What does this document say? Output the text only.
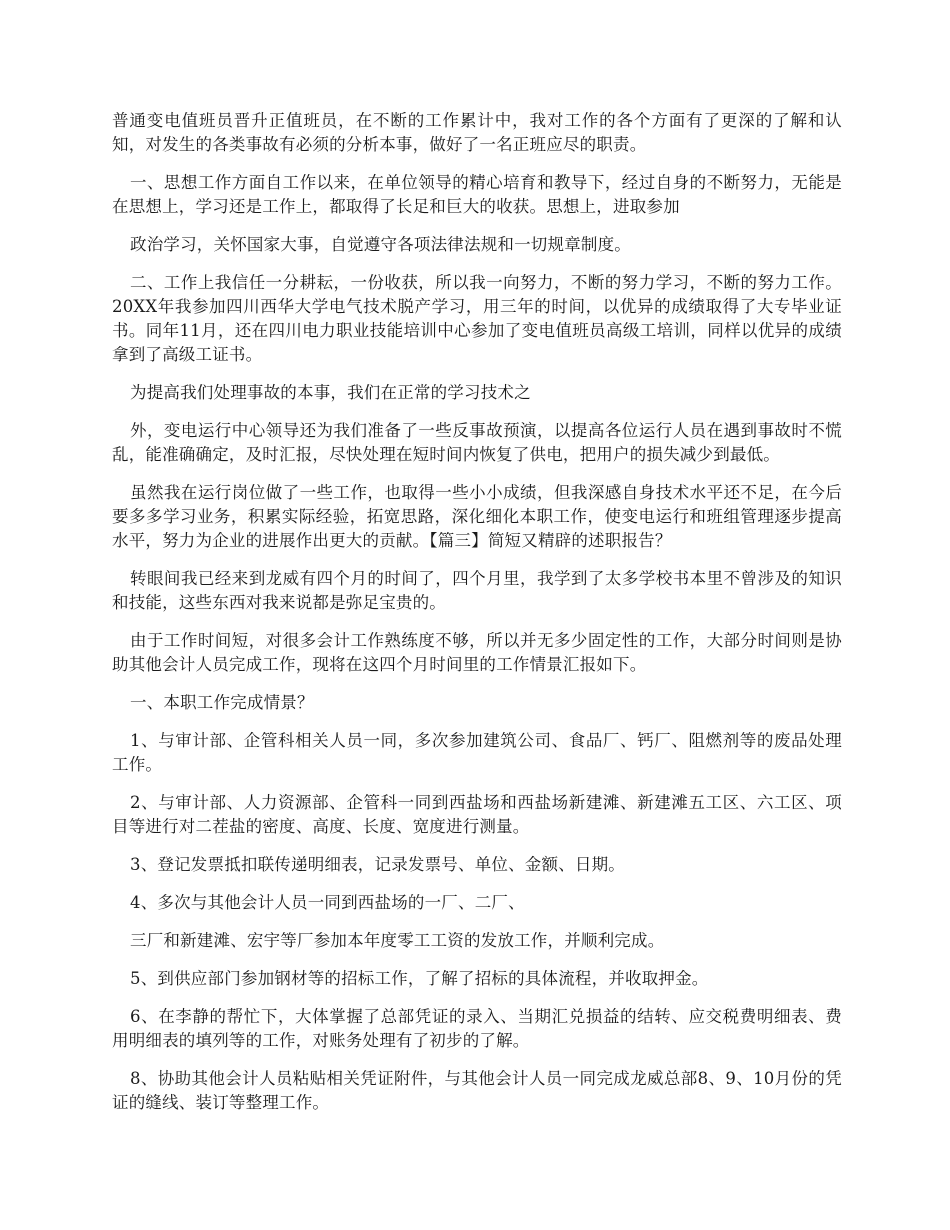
普通变电值班员晋升正值班员，在不断的工作累计中，我对工作的各个方面有了更深的了解和认知，对发生的各类事故有必须的分析本事，做好了一名正班应尽的职责。

一、思想工作方面自工作以来，在单位领导的精心培育和教导下，经过自身的不断努力，无能是在思想上，学习还是工作上，都取得了长足和巨大的收获。思想上，进取参加

政治学习，关怀国家大事，自觉遵守各项法律法规和一切规章制度。

二、工作上我信任一分耕耘，一份收获，所以我一向努力，不断的努力学习，不断的努力工作。20XX年我参加四川西华大学电气技术脱产学习，用三年的时间，以优异的成绩取得了大专毕业证书。同年11月，还在四川电力职业技能培训中心参加了变电值班员高级工培训，同样以优异的成绩拿到了高级工证书。

为提高我们处理事故的本事，我们在正常的学习技术之

外，变电运行中心领导还为我们准备了一些反事故预演，以提高各位运行人员在遇到事故时不慌乱，能准确确定，及时汇报，尽快处理在短时间内恢复了供电，把用户的损失减少到最低。

虽然我在运行岗位做了一些工作，也取得一些小小成绩，但我深感自身技术水平还不足，在今后要多多学习业务，积累实际经验，拓宽思路，深化细化本职工作，使变电运行和班组管理逐步提高水平，努力为企业的进展作出更大的贡献。【篇三】简短又精辟的述职报告？

转眼间我已经来到龙威有四个月的时间了，四个月里，我学到了太多学校书本里不曾涉及的知识和技能，这些东西对我来说都是弥足宝贵的。

由于工作时间短，对很多会计工作熟练度不够，所以并无多少固定性的工作，大部分时间则是协助其他会计人员完成工作，现将在这四个月时间里的工作情景汇报如下。

一、本职工作完成情景？

1、与审计部、企管科相关人员一同，多次参加建筑公司、食品厂、钙厂、阻燃剂等的废品处理工作。

2、与审计部、人力资源部、企管科一同到西盐场和西盐场新建滩、新建滩五工区、六工区、项目等进行对二茬盐的密度、高度、长度、宽度进行测量。

3、登记发票抵扣联传递明细表，记录发票号、单位、金额、日期。

4、多次与其他会计人员一同到西盐场的一厂、二厂、

三厂和新建滩、宏宇等厂参加本年度零工工资的发放工作，并顺利完成。

5、到供应部门参加钢材等的招标工作，了解了招标的具体流程，并收取押金。

6、在李静的帮忙下，大体掌握了总部凭证的录入、当期汇兑损益的结转、应交税费明细表、费用明细表的填列等的工作，对账务处理有了初步的了解。

8、协助其他会计人员粘贴相关凭证附件，与其他会计人员一同完成龙威总部8、9、10月份的凭证的缝线、装订等整理工作。
